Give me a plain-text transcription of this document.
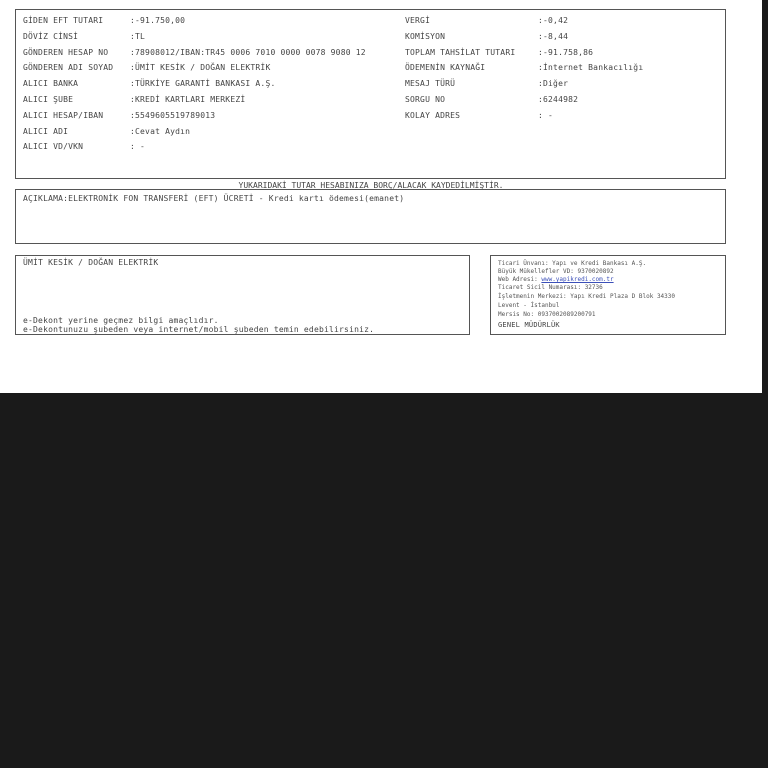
GİDEN EFT TUTARI	:-91.750,00
DÖVİZ CİNSİ	:TL
GÖNDEREN HESAP NO	:78908012/IBAN:TR45 0006 7010 0000 0078 9080 12
GÖNDEREN ADI SOYAD :ÜMİT KESİK / DOĞAN ELEKTRİK
ALICI BANKA	:TÜRKİYE GARANTİ BANKASI A.Ş.
ALICI ŞUBE	:KREDİ KARTLARI MERKEZİ
ALICI HESAP/IBAN	:5549605519789013
ALICI ADI	:Cevat Aydın
ALICI VD/VKN	: -
VERGİ	:-0,42
KOMİSYON	:-8,44
TOPLAM TAHSİLAT TUTARI	:-91.758,86
ÖDEMENİN KAYNAĞI	:İnternet Bankacılığı
MESAJ TÜRÜ	:Diğer
SORGU NO	:6244982
KOLAY ADRES	: -
YUKARIDAKİ TUTAR HESABINIZA BORÇ/ALACAK KAYDEDİLMİŞTİR.
AÇIKLAMA:ELEKTRONİK FON TRANSFERİ (EFT) ÜCRETİ - Kredi kartı ödemesi(emanet)
ÜMİT KESİK / DOĞAN ELEKTRİK
e-Dekont yerine geçmez bilgi amaçlıdır.
e-Dekontunuzu şubeden veya internet/mobil şubeden temin edebilirsiniz.
Ticari Ünvanı: Yapı ve Kredi Bankası A.Ş.
Büyük Mükellefler VD: 9370020892
Web Adresi: www.yapikredi.com.tr
Ticaret Sicil Numarası: 32736
İşletmenin Merkezi: Yapı Kredi Plaza D Blok 34330
Levent - İstanbul
Mersis No: 0937002089200791
GENEL MÜDÜRLÜK
